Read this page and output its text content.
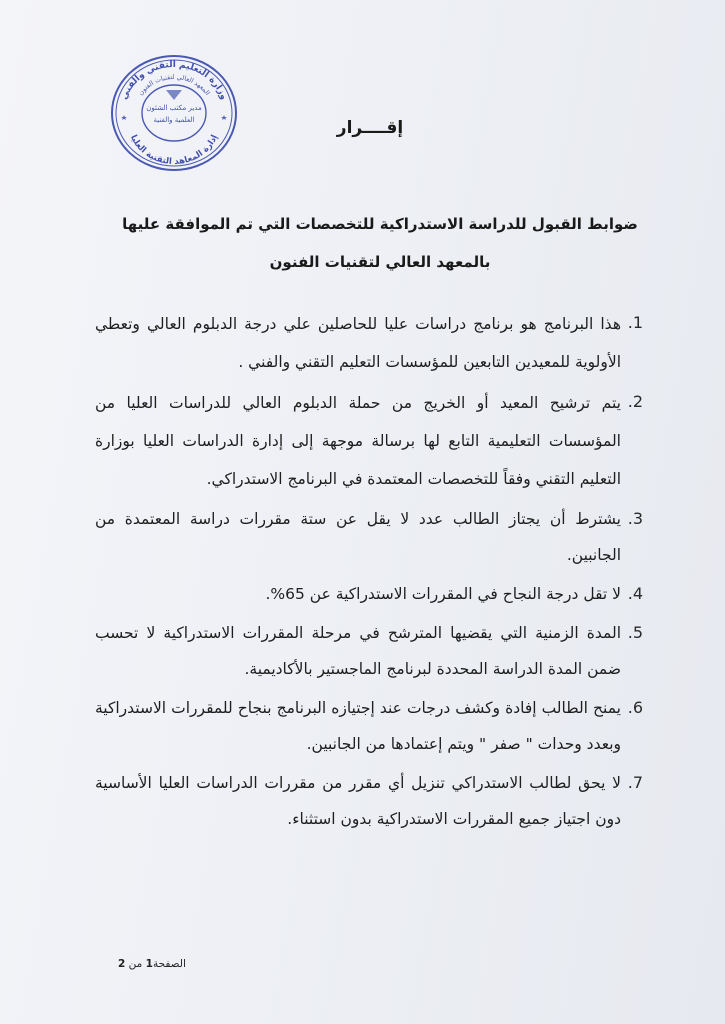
وزارة التعليم التقني والفني
المعهد العالي لتقنيات الفنون
إدارة المعاهد التقنية العليا
مدير مكتب الشئون
العلمية والفنية	إقــــرار
ضوابط القبول للدراسة الاستدراكية للتخصصات التي تم الموافقة عليها بالمعهد العالي لتقنيات الفنون
1.
هذا البرنامج هو برنامج دراسات عليا للحاصلين علي درجة الدبلوم العالي وتعطي الأولوية للمعيدين التابعين للمؤسسات التعليم التقني والفني .
2.
يتم ترشيح المعيد أو الخريج من حملة الدبلوم العالي للدراسات العليا من المؤسسات التعليمية التابع لها برسالة موجهة إلى إدارة الدراسات العليا بوزارة التعليم التقني وفقاً للتخصصات المعتمدة في البرنامج الاستدراكي.
3.
يشترط أن يجتاز الطالب عدد لا يقل عن ستة مقررات دراسة المعتمدة من الجانبين.
4.
لا تقل درجة النجاح في المقررات الاستدراكية عن 65%.
5.
المدة الزمنية التي يقضيها المترشح في مرحلة المقررات الاستدراكية لا تحسب ضمن المدة الدراسة المحددة لبرنامج الماجستير بالأكاديمية.
6.
يمنح الطالب إفادة وكشف درجات عند إجتيازه البرنامج بنجاح للمقررات الاستدراكية وبعدد وحدات " صفر " ويتم إعتمادها من الجانبين.
7.
لا يحق لطالب الاستدراكي تنزيل أي مقرر من مقررات الدراسات العليا الأساسية دون اجتياز جميع المقررات الاستدراكية بدون استثناء.
الصفحة1 من 2
